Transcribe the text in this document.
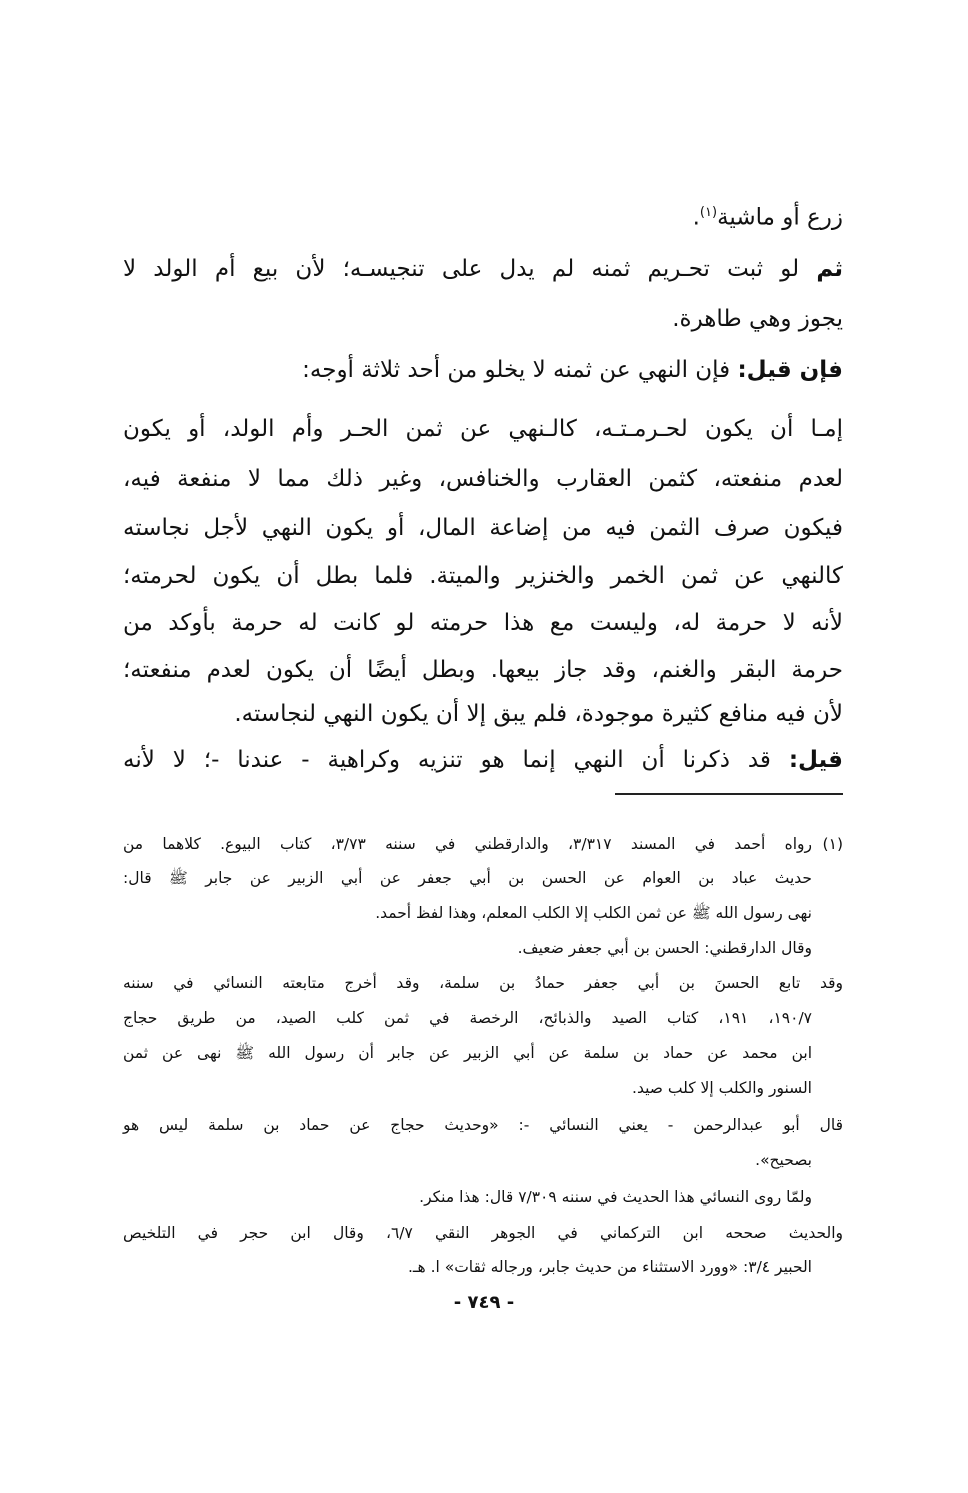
زرع أو ماشية$^{(١)}$.
ثم لو ثبت تحـريم ثمنه لم يدل على تنجيسـه؛ لأن بيع أم الولد لا
يجوز وهي طاهرة.
فإن قيل: فإن النهي عن ثمنه لا يخلو من أحد ثلاثة أوجه:
إمـا أن يكون لحـرمـتـه، كالـنهي عن ثمن الحـر وأم الولد، أو يكون
لعدم منفعته، كثمن العقارب والخنافس، وغير ذلك مما لا منفعة فيه،
فيكون صرف الثمن فيه من إضاعة المال، أو يكون النهي لأجل نجاسته
كالنهي عن ثمن الخمر والخنزير والميتة. فلما بطل أن يكون لحرمته؛
لأنه لا حرمة له، وليست مع هذا حرمته لو كانت له حرمة بأوكد من
حرمة البقر والغنم، وقد جاز بيعها. وبطل أيضًا أن يكون لعدم منفعته؛
لأن فيه منافع كثيرة موجودة، فلم يبق إلا أن يكون النهي لنجاسته.
قيل: قد ذكرنا أن النهي إنما هو تنزيه وكراهية - عندنا -؛ لا لأنه
(١)
رواه أحمد في المسند ٣/٣١٧، والدارقطني في سننه ٣/٧٣، كتاب البيوع. كلاهما من
حديث عباد بن العوام عن الحسن بن أبي جعفر عن أبي الزبير عن جابر ﷺ قال:
نهى رسول الله ﷺ عن ثمن الكلب إلا الكلب المعلم، وهذا لفظ أحمد.
وقال الدارقطني: الحسن بن أبي جعفر ضعيف.
وقد تابع الحسنَ بن أبي جعفر حمادُ بن سلمة، وقد أخرج متابعته النسائي في سننه
١٩٠/٧، ١٩١، كتاب الصيد والذبائح، الرخصة في ثمن كلب الصيد، من طريق حجاج
ابن محمد عن حماد بن سلمة عن أبي الزبير عن جابر أن رسول الله ﷺ نهى عن ثمن
السنور والكلب إلا كلب صيد.
قال أبو عبدالرحمن - يعني النسائي -: «وحديث حجاج عن حماد بن سلمة ليس هو
بصحيح».
ولمّا روى النسائي هذا الحديث في سننه ٧/٣٠٩ قال: هذا منكر.
والحديث صححه ابن التركماني في الجوهر النقي ٦/٧، وقال ابن حجر في التلخيص
الحبير ٣/٤: «وورد الاستثناء من حديث جابر، ورجاله ثقات» ا. هـ.
- ٧٤٩ -
